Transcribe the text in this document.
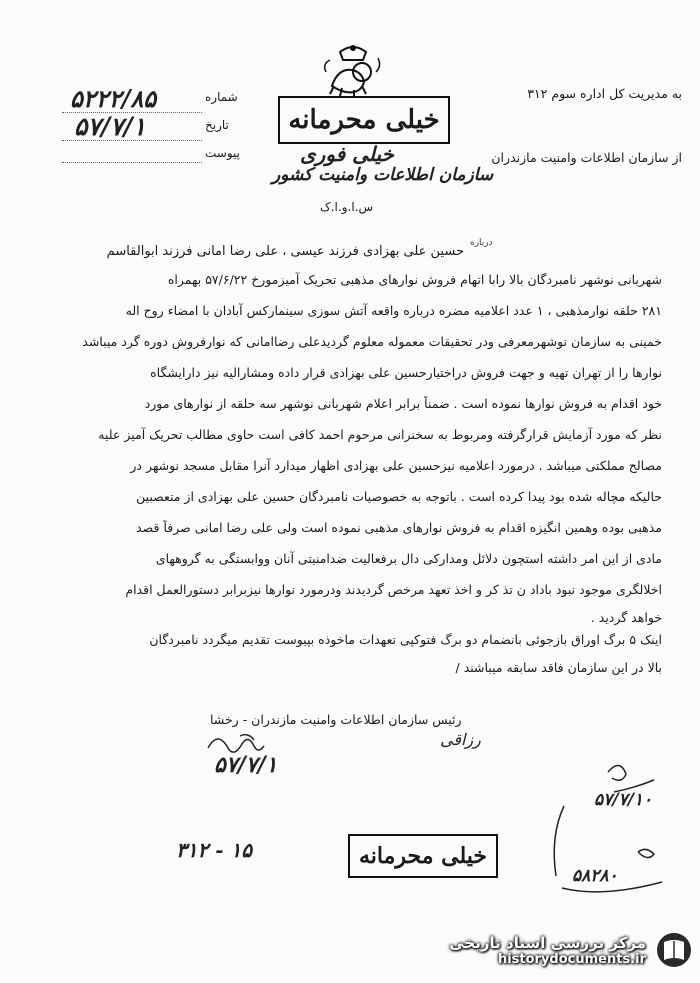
شماره
۵۲۲۲/۸۵
تاریخ
۵۷/۷/۱
پیوست
خیلی محرمانه
خیلی فوری
سازمان اطلاعات وامنیت کشور
س.ا.و.ا.ک
به مدیریت کل اداره سوم ۳۱۲
از سازمان اطلاعات وامنیت مازندران
درباره
حسین علی بهزادی فرزند عیسی ، علی رضا امانی فرزند ابوالقاسم
شهربانی نوشهر نامبردگان بالا رابا اتهام فروش نوارهای مذهبی تحریک آمیزمورخ ۵۷/۶/۲۲ بهمراه
۲۸۱ حلقه نوارمذهبی ، ۱ عدد اعلامیه مضره درباره واقعه آتش سوزی سینمارکس آبادان با امضاء روح اله
خمینی به سازمان نوشهرمعرفی ودر تحقیقات معموله معلوم گردیدعلی رضاامانی که نوارفروش دوره گرد میباشد
نوارها را از تهران تهیه و جهت فروش دراختیارحسین علی بهزادی قرار داده ومشارالیه نیز دارایشگاه
خود اقدام به فروش نوارها نموده است . ضمناً برابر اعلام شهربانی نوشهر سه حلقه از نوارهای مورد
نظر که مورد آزمایش قرارگرفته ومربوط به سخنرانی مرحوم احمد کافی است حاوی مطالب تحریک آمیز علیه
مصالح مملکتی میباشد . درمورد اعلامیه نیزحسین علی بهزادی اظهار میدارد آنرا مقابل مسجد نوشهر در
حالیکه مچاله شده بود پیدا کرده است . باتوجه به خصوصیات نامبردگان حسین علی بهزادی از متعصبین
مذهبی بوده وهمین انگیزه اقدام به فروش نوارهای مذهبی نموده است ولی علی رضا امانی صرفاً قصد
مادی از این امر داشته استچون دلائل ومدارکی دال برفعالیت ضدامنیتی آنان ووابستگی به گروههای
اخلالگری موجود نبود باداد ن تذ کر و اخذ تعهد مرخص گردیدند ودرمورد نوارها نیزبرابر دستورالعمل اقدام
خواهد گردید .
اینک ۵ برگ اوراق بازجوئی بانضمام دو برگ فتوکپی تعهدات ماخوذه بپیوست تقدیم میگردد نامبردگان
بالا در این سازمان فاقد سابقه میباشند /
رئیس سازمان اطلاعات وامنیت مازندران - رخشا
رزاقی
۵۷/۷/۱
۵۷/۷/۱۰
۵۸۲۸۰
۱۵ - ۳۱۲	خیلی محرمانه
مرکز بررسی اسناد تاریخی
historydocuments.ir
